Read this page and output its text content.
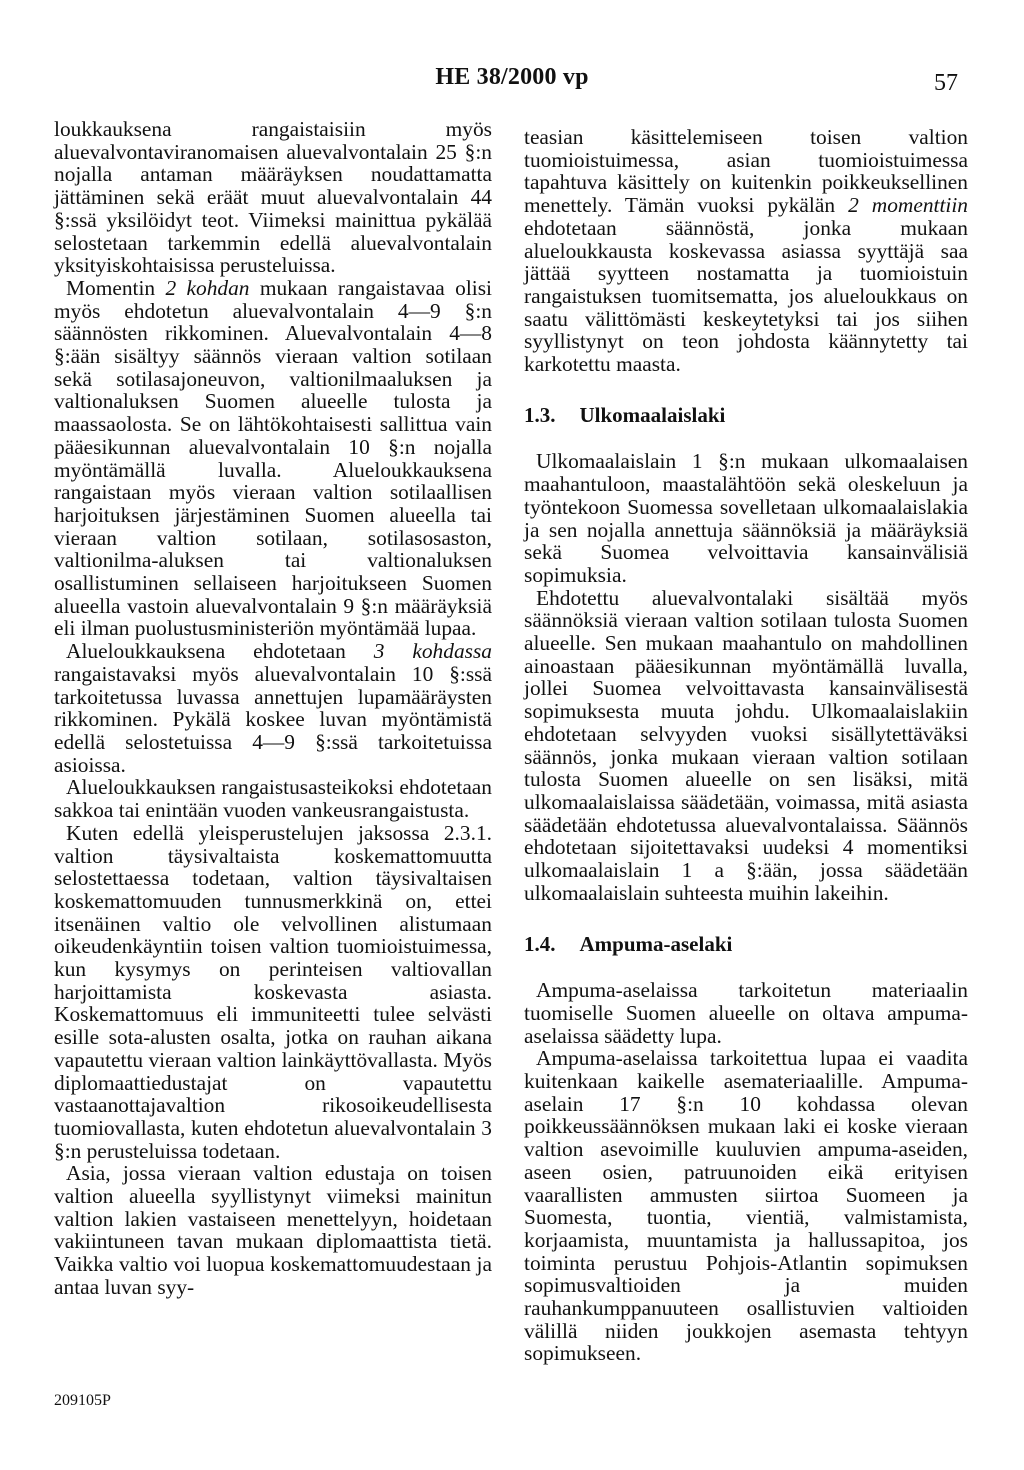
HE 38/2000 vp	57

loukkauksena rangaistaisiin myös aluevalvontaviranomaisen aluevalvontalain 25 §:n nojalla antaman määräyksen noudattamatta jättäminen sekä eräät muut aluevalvontalain 44 §:ssä yksilöidyt teot. Viimeksi mainittua pykälää selostetaan tarkemmin edellä aluevalvontalain yksityiskohtaisissa perusteluissa.

Momentin 2 kohdan mukaan rangaistavaa olisi myös ehdotetun aluevalvontalain 4—9 §:n säännösten rikkominen. Aluevalvontalain 4—8 §:ään sisältyy säännös vieraan valtion sotilaan sekä sotilasajoneuvon, valtionilmaaluksen ja valtionaluksen Suomen alueelle tulosta ja maassaolosta. Se on lähtökohtaisesti sallittua vain pääesikunnan aluevalvontalain 10 §:n nojalla myöntämällä luvalla. Alueloukkauksena rangaistaan myös vieraan valtion sotilaallisen harjoituksen järjestäminen Suomen alueella tai vieraan valtion sotilaan, sotilasosaston, valtionilma-aluksen tai valtionaluksen osallistuminen sellaiseen harjoitukseen Suomen alueella vastoin aluevalvontalain 9 §:n määräyksiä eli ilman puolustusministeriön myöntämää lupaa.

Alueloukkauksena ehdotetaan 3 kohdassa rangaistavaksi myös aluevalvontalain 10 §:ssä tarkoitetussa luvassa annettujen lupamääräysten rikkominen. Pykälä koskee luvan myöntämistä edellä selostetuissa 4—9 §:ssä tarkoitetuissa asioissa.

Alueloukkauksen rangaistusasteikoksi ehdotetaan sakkoa tai enintään vuoden vankeusrangaistusta.

Kuten edellä yleisperustelujen jaksossa 2.3.1. valtion täysivaltaista koskemattomuutta selostettaessa todetaan, valtion täysivaltaisen koskemattomuuden tunnusmerkkinä on, ettei itsenäinen valtio ole velvollinen alistumaan oikeudenkäyntiin toisen valtion tuomioistuimessa, kun kysymys on perinteisen valtiovallan harjoittamista koskevasta asiasta. Koskemattomuus eli immuniteetti tulee selvästi esille sota-alusten osalta, jotka on rauhan aikana vapautettu vieraan valtion lainkäyttövallasta. Myös diplomaattiedustajat on vapautettu vastaanottajavaltion rikosoikeudellisesta tuomiovallasta, kuten ehdotetun aluevalvontalain 3 §:n perusteluissa todetaan.

Asia, jossa vieraan valtion edustaja on toisen valtion alueella syyllistynyt viimeksi mainitun valtion lakien vastaiseen menettelyyn, hoidetaan vakiintuneen tavan mukaan diplomaattista tietä. Vaikka valtio voi luopua koskemattomuudestaan ja antaa luvan syy-

teasian käsittelemiseen toisen valtion tuomioistuimessa, asian tuomioistuimessa tapahtuva käsittely on kuitenkin poikkeuksellinen menettely. Tämän vuoksi pykälän 2 momenttiin ehdotetaan säännöstä, jonka mukaan alueloukkausta koskevassa asiassa syyttäjä saa jättää syytteen nostamatta ja tuomioistuin rangaistuksen tuomitsematta, jos alueloukkaus on saatu välittömästi keskeytetyksi tai jos siihen syyllistynyt on teon johdosta käännytetty tai karkotettu maasta.

1.3. Ulkomaalaislaki

Ulkomaalaislain 1 §:n mukaan ulkomaalaisen maahantuloon, maastalähtöön sekä oleskeluun ja työntekoon Suomessa sovelletaan ulkomaalaislakia ja sen nojalla annettuja säännöksiä ja määräyksiä sekä Suomea velvoittavia kansainvälisiä sopimuksia.

Ehdotettu aluevalvontalaki sisältää myös säännöksiä vieraan valtion sotilaan tulosta Suomen alueelle. Sen mukaan maahantulo on mahdollinen ainoastaan pääesikunnan myöntämällä luvalla, jollei Suomea velvoittavasta kansainvälisestä sopimuksesta muuta johdu. Ulkomaalaislakiin ehdotetaan selvyyden vuoksi sisällytettäväksi säännös, jonka mukaan vieraan valtion sotilaan tulosta Suomen alueelle on sen lisäksi, mitä ulkomaalaislaissa säädetään, voimassa, mitä asiasta säädetään ehdotetussa aluevalvontalaissa. Säännös ehdotetaan sijoitettavaksi uudeksi 4 momentiksi ulkomaalaislain 1 a §:ään, jossa säädetään ulkomaalaislain suhteesta muihin lakeihin.

1.4. Ampuma-aselaki

Ampuma-aselaissa tarkoitetun materiaalin tuomiselle Suomen alueelle on oltava ampuma-aselaissa säädetty lupa.

Ampuma-aselaissa tarkoitettua lupaa ei vaadita kuitenkaan kaikelle asemateriaalille. Ampuma-aselain 17 §:n 10 kohdassa olevan poikkeussäännöksen mukaan laki ei koske vieraan valtion asevoimille kuuluvien ampuma-aseiden, aseen osien, patruunoiden eikä erityisen vaarallisten ammusten siirtoa Suomeen ja Suomesta, tuontia, vientiä, valmistamista, korjaamista, muuntamista ja hallussapitoa, jos toiminta perustuu Pohjois-Atlantin sopimuksen sopimusvaltioiden ja muiden rauhankumppanuuteen osallistuvien valtioiden välillä niiden joukkojen asemasta tehtyyn sopimukseen.

209105P
